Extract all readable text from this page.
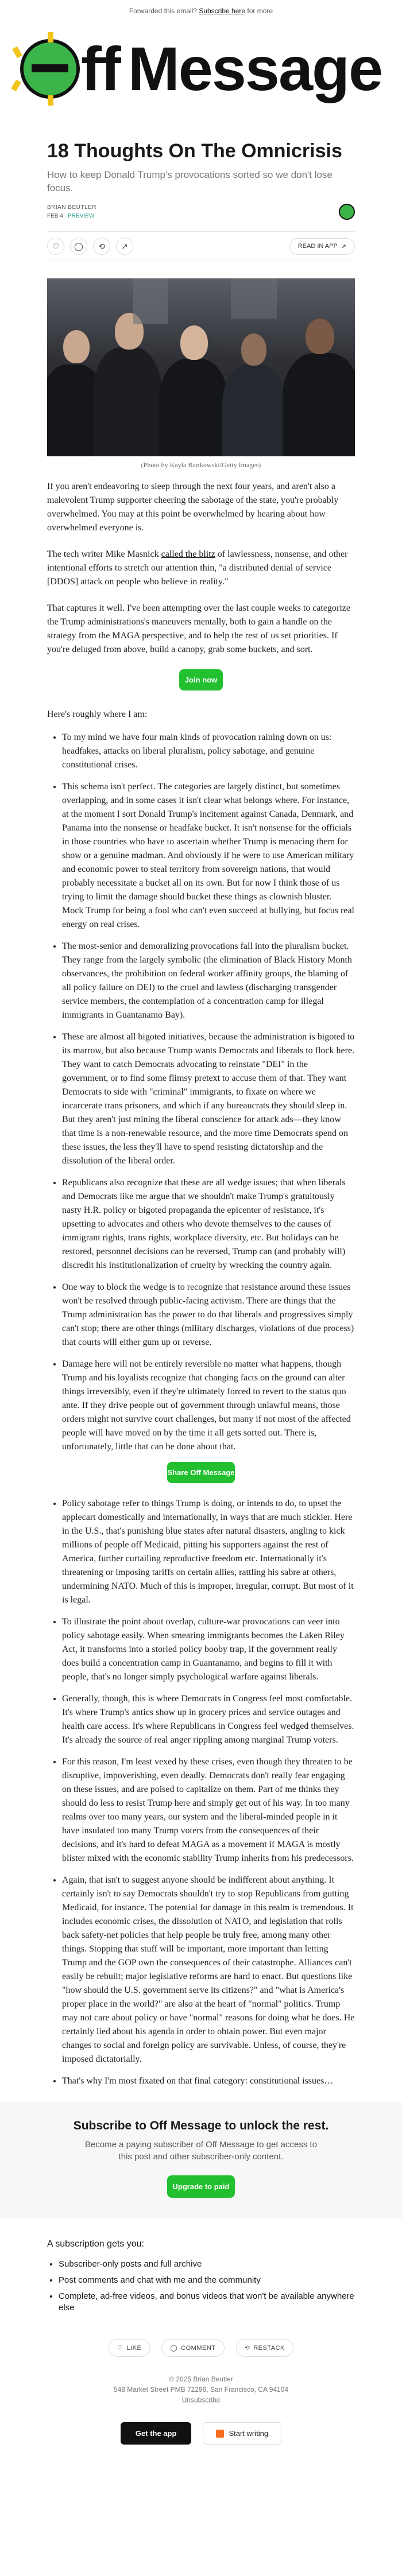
Forwarded this email? Subscribe here for more
ff Message
18 Thoughts On The Omnicrisis
How to keep Donald Trump's provocations sorted so we don't lose focus.
BRIAN BEUTLER
FEB 4 ∙ PREVIEW
♡	◯	⟲	↗	READ IN APP ↗
(Photo by Kayla Bartkowski/Getty Images)

If you aren't endeavoring to sleep through the next four years, and aren't also a malevolent Trump supporter cheering the sabotage of the state, you're probably overwhelmed. You may at this point be overwhelmed by hearing about how overwhelmed everyone is.

The tech writer Mike Masnick called the blitz of lawlessness, nonsense, and other intentional efforts to stretch our attention thin, "a distributed denial of service [DDOS] attack on people who believe in reality."

That captures it well. I've been attempting over the last couple weeks to categorize the Trump administrations's maneuvers mentally, both to gain a handle on the strategy from the MAGA perspective, and to help the rest of us set priorities. If you're deluged from above, build a canopy, grab some buckets, and sort.

Join now

Here's roughly where I am:

• To my mind we have four main kinds of provocation raining down on us: headfakes, attacks on liberal pluralism, policy sabotage, and genuine constitutional crises.
• This schema isn't perfect. The categories are largely distinct, but sometimes overlapping, and in some cases it isn't clear what belongs where. For instance, at the moment I sort Donald Trump's incitement against Canada, Denmark, and Panama into the nonsense or headfake bucket. It isn't nonsense for the officials in those countries who have to ascertain whether Trump is menacing them for show or a genuine madman. And obviously if he were to use American military and economic power to steal territory from sovereign nations, that would probably necessitate a bucket all on its own. But for now I think those of us trying to limit the damage should bucket these things as clownish bluster. Mock Trump for being a fool who can't even succeed at bullying, but focus real energy on real crises.
• The most-senior and demoralizing provocations fall into the pluralism bucket. They range from the largely symbolic (the elimination of Black History Month observances, the prohibition on federal worker affinity groups, the blaming of all policy failure on DEI) to the cruel and lawless (discharging transgender service members, the contemplation of a concentration camp for illegal immigrants in Guantanamo Bay).
• These are almost all bigoted initiatives, because the administration is bigoted to its marrow, but also because Trump wants Democrats and liberals to flock here. They want to catch Democrats advocating to reinstate "DEI" in the government, or to find some flimsy pretext to accuse them of that. They want Democrats to side with "criminal" immigrants, to fixate on where we incarcerate trans prisoners, and which if any bureaucrats they should sleep in. But they aren't just mining the liberal conscience for attack ads—they know that time is a non-renewable resource, and the more time Democrats spend on these issues, the less they'll have to spend resisting dictatorship and the dissolution of the liberal order.
• Republicans also recognize that these are all wedge issues; that when liberals and Democrats like me argue that we shouldn't make Trump's gratuitously nasty H.R. policy or bigoted propaganda the epicenter of resistance, it's upsetting to advocates and others who devote themselves to the causes of immigrant rights, trans rights, workplace diversity, etc. But holidays can be restored, personnel decisions can be reversed, Trump can (and probably will) discredit his institutionalization of cruelty by wrecking the country again.
• One way to block the wedge is to recognize that resistance around these issues won't be resolved through public-facing activism. There are things that the Trump administration has the power to do that liberals and progressives simply can't stop; there are other things (military discharges, violations of due process) that courts will either gum up or reverse.
• Damage here will not be entirely reversible no matter what happens, though Trump and his loyalists recognize that changing facts on the ground can alter things irreversibly, even if they're ultimately forced to revert to the status quo ante. If they drive people out of government through unlawful means, those orders might not survive court challenges, but many if not most of the affected people will have moved on by the time it all gets sorted out. There is, unfortunately, little that can be done about that.
Share Off Message
• Policy sabotage refer to things Trump is doing, or intends to do, to upset the applecart domestically and internationally, in ways that are much stickier. Here in the U.S., that's punishing blue states after natural disasters, angling to kick millions of people off Medicaid, pitting his supporters against the rest of America, further curtailing reproductive freedom etc. Internationally it's threatening or imposing tariffs on certain allies, rattling his sabre at others, undermining NATO. Much of this is improper, irregular, corrupt. But most of it is legal.
• To illustrate the point about overlap, culture-war provocations can veer into policy sabotage easily. When smearing immigrants becomes the Laken Riley Act, it transforms into a storied policy booby trap, if the government really does build a concentration camp in Guantanamo, and begins to fill it with people, that's no longer simply psychological warfare against liberals.
• Generally, though, this is where Democrats in Congress feel most comfortable. It's where Trump's antics show up in grocery prices and service outages and health care access. It's where Republicans in Congress feel wedged themselves. It's already the source of real anger rippling among marginal Trump voters.
• For this reason, I'm least vexed by these crises, even though they threaten to be disruptive, impoverishing, even deadly. Democrats don't really fear engaging on these issues, and are poised to capitalize on them. Part of me thinks they should do less to resist Trump here and simply get out of his way. In too many realms over too many years, our system and the liberal-minded people in it have insulated too many Trump voters from the consequences of their decisions, and it's hard to defeat MAGA as a movement if MAGA is mostly blister mixed with the economic stability Trump inherits from his predecessors.
• Again, that isn't to suggest anyone should be indifferent about anything. It certainly isn't to say Democrats shouldn't try to stop Republicans from gutting Medicaid, for instance. The potential for damage in this realm is tremendous. It includes economic crises, the dissolution of NATO, and legislation that rolls back safety-net policies that help people be truly free, among many other things. Stopping that stuff will be important, more important than letting Trump and the GOP own the consequences of their catastrophe. Alliances can't easily be rebuilt; major legislative reforms are hard to enact. But questions like "how should the U.S. government serve its citizens?" and "what is America's proper place in the world?" are also at the heart of "normal" politics. Trump may not care about policy or have "normal" reasons for doing what he does. He certainly lied about his agenda in order to obtain power. But even major changes to social and foreign policy are survivable. Unless, of course, they're imposed dictatorially.
• That's why I'm most fixated on that final category: constitutional issues…
Subscribe to Off Message to unlock the rest.
Become a paying subscriber of Off Message to get access to this post and other subscriber-only content.
Upgrade to paid
A subscription gets you:
• Subscriber-only posts and full archive
• Post comments and chat with me and the community
• Complete, ad-free videos, and bonus videos that won't be available anywhere else
♡ LIKE	◯ COMMENT	⟲ RESTACK
© 2025 Brian Beutler
548 Market Street PMB 72296, San Francisco, CA 94104
Unsubscribe
Get the app	Start writing
